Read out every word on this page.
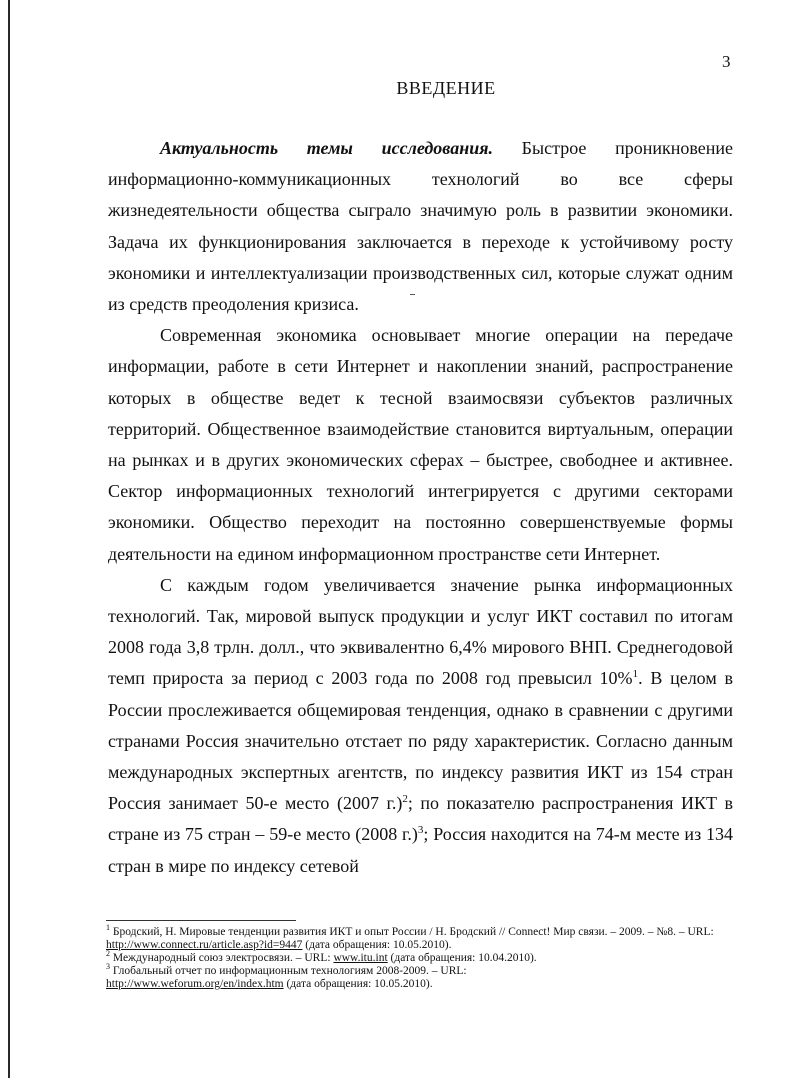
3
ВВЕДЕНИЕ

Актуальность темы исследования. Быстрое проникновение информационно-коммуникационных технологий во все сферы жизнедеятельности общества сыграло значимую роль в развитии экономики. Задача их функционирования заключается в переходе к устойчивому росту экономики и интеллектуализации производственных сил, которые служат одним из средств преодоления кризиса.

Современная экономика основывает многие операции на передаче информации, работе в сети Интернет и накоплении знаний, распространение которых в обществе ведет к тесной взаимосвязи субъектов различных территорий. Общественное взаимодействие становится виртуальным, операции на рынках и в других экономических сферах – быстрее, свободнее и активнее. Сектор информационных технологий интегрируется с другими секторами экономики. Общество переходит на постоянно совершенствуемые формы деятельности на едином информационном пространстве сети Интернет.

С каждым годом увеличивается значение рынка информационных технологий. Так, мировой выпуск продукции и услуг ИКТ составил по итогам 2008 года 3,8 трлн. долл., что эквивалентно 6,4% мирового ВНП. Среднегодовой темп прироста за период с 2003 года по 2008 год превысил 10%$^1$. В целом в России прослеживается общемировая тенденция, однако в сравнении с другими странами Россия значительно отстает по ряду характеристик. Согласно данным международных экспертных агентств, по индексу развития ИКТ из 154 стран Россия занимает 50-е место (2007 г.)$^2$; по показателю распространения ИКТ в стране из 75 стран – 59-е место (2008 г.)$^3$; Россия находится на 74-м месте из 134 стран в мире по индексу сетевой

$^1$ Бродский, Н. Мировые тенденции развития ИКТ и опыт России / Н. Бродский // Connect! Мир связи. – 2009. – №8. – URL: http://www.connect.ru/article.asp?id=9447 (дата обращения: 10.05.2010).
$^2$ Международный союз электросвязи. – URL: www.itu.int (дата обращения: 10.04.2010).
$^3$ Глобальный отчет по информационным технологиям 2008-2009. – URL:
http://www.weforum.org/en/index.htm (дата обращения: 10.05.2010).
